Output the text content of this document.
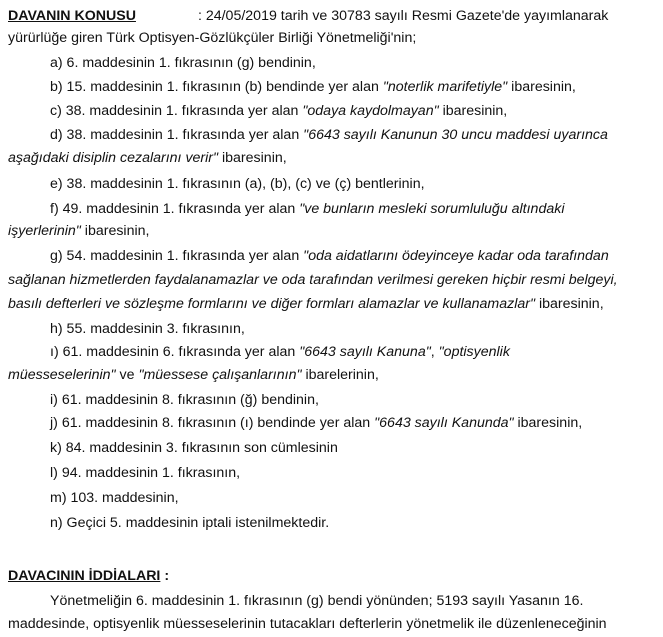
DAVANIN KONUSU	: 24/05/2019 tarih ve 30783 sayılı Resmi Gazete'de yayımlanarak
yürürlüğe giren Türk Optisyen-Gözlükçüler Birliği Yönetmeliği'nin;
a) 6. maddesinin 1. fıkrasının (g) bendinin,
b) 15. maddesinin 1. fıkrasının (b) bendinde yer alan "noterlik marifetiyle" ibaresinin,
c) 38. maddesinin 1. fıkrasında yer alan "odaya kaydolmayan" ibaresinin,
d) 38. maddesinin 1. fıkrasında yer alan "6643 sayılı Kanunun 30 uncu maddesi uyarınca
aşağıdaki disiplin cezalarını verir" ibaresinin,
e) 38. maddesinin 1. fıkrasının (a), (b), (c) ve (ç) bentlerinin,
f) 49. maddesinin 1. fıkrasında yer alan "ve bunların mesleki sorumluluğu altındaki
işyerlerinin" ibaresinin,
g) 54. maddesinin 1. fıkrasında yer alan "oda aidatlarını ödeyinceye kadar oda tarafından
sağlanan hizmetlerden faydalanamazlar ve oda tarafından verilmesi gereken hiçbir resmi belgeyi,
basılı defterleri ve sözleşme formlarını ve diğer formları alamazlar ve kullanamazlar" ibaresinin,
h) 55. maddesinin 3. fıkrasının,
ı) 61. maddesinin 6. fıkrasında yer alan "6643 sayılı Kanuna", "optisyenlik
müesseselerinin" ve "müessese çalışanlarının" ibarelerinin,
i) 61. maddesinin 8. fıkrasının (ğ) bendinin,
j) 61. maddesinin 8. fıkrasının (ı) bendinde yer alan "6643 sayılı Kanunda" ibaresinin,
k) 84. maddesinin 3. fıkrasının son cümlesinin
l) 94. maddesinin 1. fıkrasının,
m) 103. maddesinin,
n) Geçici 5. maddesinin iptali istenilmektedir.
DAVACININ İDDİALARI :
Yönetmeliğin 6. maddesinin 1. fıkrasının (g) bendi yönünden; 5193 sayılı Yasanın 16.
maddesinde, optisyenlik müesseselerinin tutacakları defterlerin yönetmelik ile düzenleneceğinin
